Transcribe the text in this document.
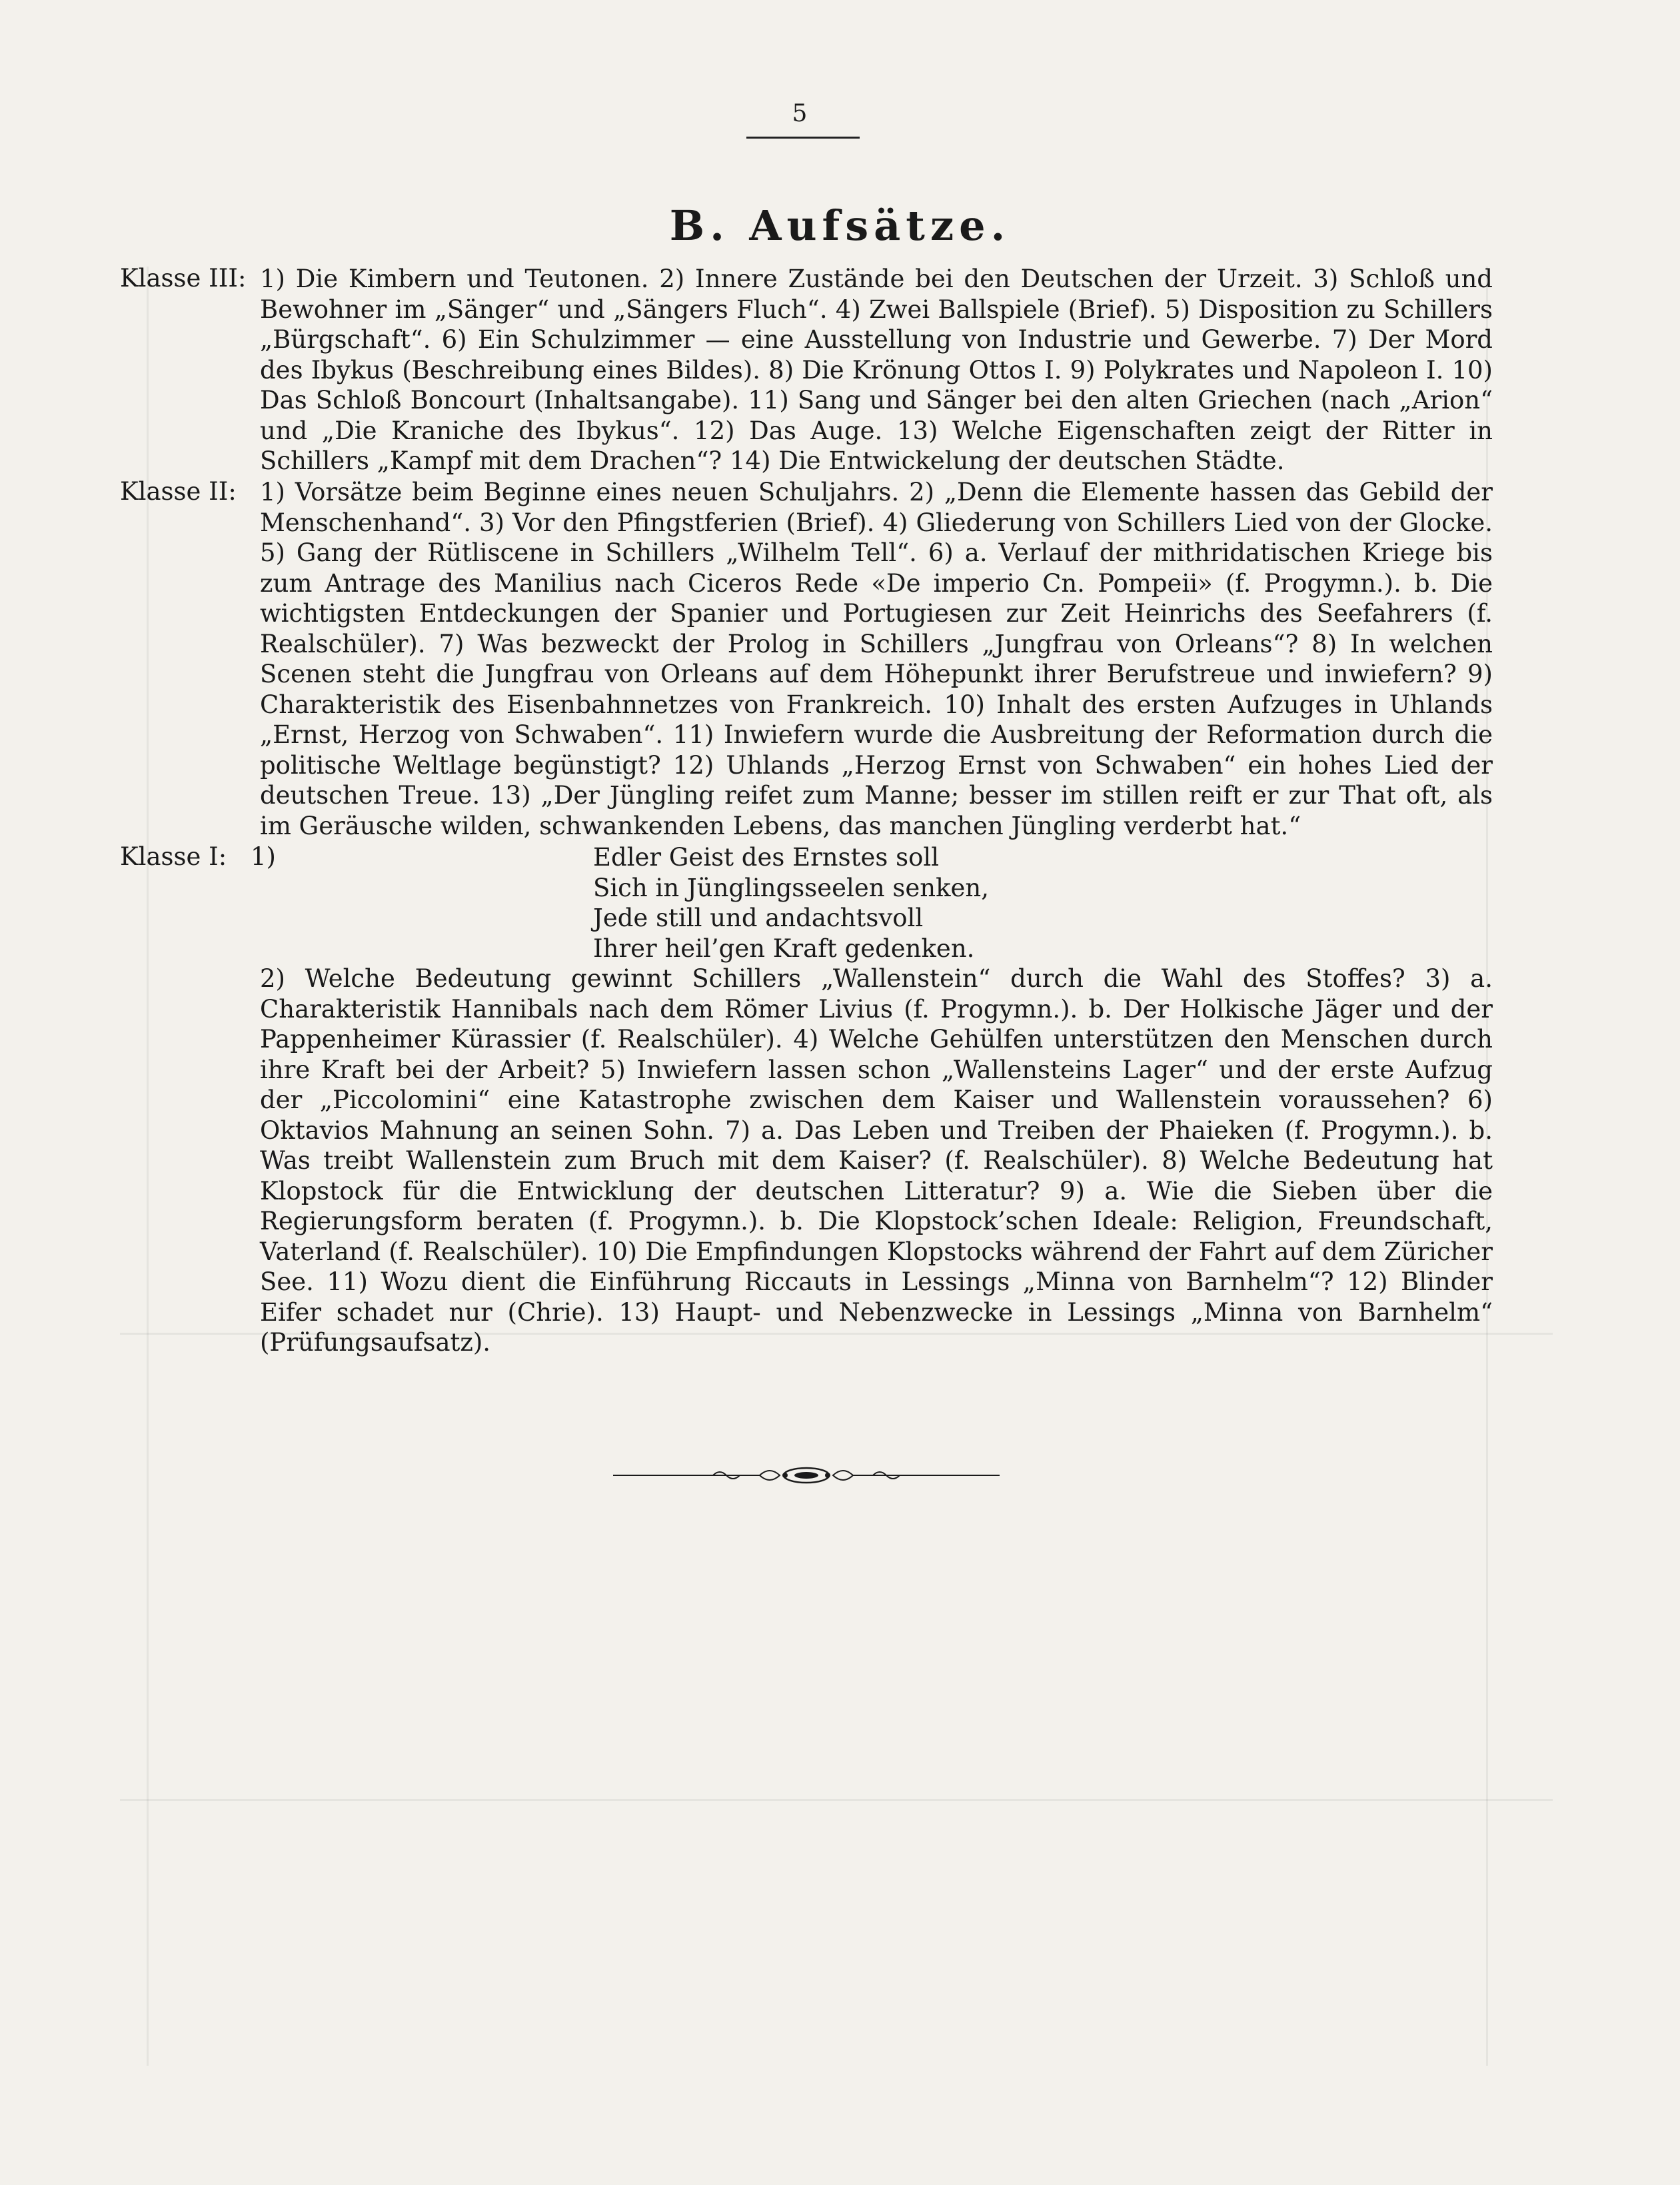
5
B. Aufsätze.
Klasse III: 1) Die Kimbern und Teutonen. 2) Innere Zustände bei den Deutschen der Urzeit. 3) Schloß und Bewohner im „Sänger“ und „Sängers Fluch“. 4) Zwei Ballspiele (Brief). 5) Disposition zu Schillers „Bürgschaft“. 6) Ein Schulzimmer — eine Ausstellung von Industrie und Gewerbe. 7) Der Mord des Ibykus (Beschreibung eines Bildes). 8) Die Krönung Ottos I. 9) Polykrates und Napoleon I. 10) Das Schloß Boncourt (Inhaltsangabe). 11) Sang und Sänger bei den alten Griechen (nach „Arion“ und „Die Kraniche des Ibykus“. 12) Das Auge. 13) Welche Eigenschaften zeigt der Ritter in Schillers „Kampf mit dem Drachen“? 14) Die Entwickelung der deutschen Städte.
Klasse II: 1) Vorsätze beim Beginne eines neuen Schuljahrs. 2) „Denn die Elemente hassen das Gebild der Menschenhand“. 3) Vor den Pfingstferien (Brief). 4) Gliederung von Schillers Lied von der Glocke. 5) Gang der Rütliscene in Schillers „Wilhelm Tell“. 6) a. Verlauf der mithridatischen Kriege bis zum Antrage des Manilius nach Ciceros Rede «De imperio Cn. Pompeii» (f. Progymn.). b. Die wichtigsten Entdeckungen der Spanier und Portugiesen zur Zeit Heinrichs des Seefahrers (f. Realschüler). 7) Was bezweckt der Prolog in Schillers „Jungfrau von Orleans“? 8) In welchen Scenen steht die Jungfrau von Orleans auf dem Höhepunkt ihrer Berufstreue und inwiefern? 9) Charakteristik des Eisenbahnnetzes von Frankreich. 10) Inhalt des ersten Aufzuges in Uhlands „Ernst, Herzog von Schwaben“. 11) Inwiefern wurde die Ausbreitung der Reformation durch die politische Weltlage begünstigt? 12) Uhlands „Herzog Ernst von Schwaben“ ein hohes Lied der deutschen Treue. 13) „Der Jüngling reifet zum Manne; besser im stillen reift er zur That oft, als im Geräusche wilden, schwankenden Lebens, das manchen Jüngling verderbt hat.“
Klasse I: 1)	Edler Geist des Ernstes soll
Sich in Jünglingsseelen senken,
Jede still und andachtsvoll
Ihrer heil’gen Kraft gedenken.
2) Welche Bedeutung gewinnt Schillers „Wallenstein“ durch die Wahl des Stoffes? 3) a. Charakteristik Hannibals nach dem Römer Livius (f. Progymn.). b. Der Holkische Jäger und der Pappenheimer Kürassier (f. Realschüler). 4) Welche Gehülfen unterstützen den Menschen durch ihre Kraft bei der Arbeit? 5) Inwiefern lassen schon „Wallensteins Lager“ und der erste Aufzug der „Piccolomini“ eine Katastrophe zwischen dem Kaiser und Wallenstein voraussehen? 6) Oktavios Mahnung an seinen Sohn. 7) a. Das Leben und Treiben der Phaieken (f. Progymn.). b. Was treibt Wallenstein zum Bruch mit dem Kaiser? (f. Realschüler). 8) Welche Bedeutung hat Klopstock für die Entwicklung der deutschen Litteratur? 9) a. Wie die Sieben über die Regierungsform beraten (f. Progymn.). b. Die Klopstock’schen Ideale: Religion, Freundschaft, Vaterland (f. Realschüler). 10) Die Empfindungen Klopstocks während der Fahrt auf dem Züricher See. 11) Wozu dient die Einführung Riccauts in Lessings „Minna von Barnhelm“? 12) Blinder Eifer schadet nur (Chrie). 13) Haupt- und Nebenzwecke in Lessings „Minna von Barnhelm“ (Prüfungsaufsatz).
